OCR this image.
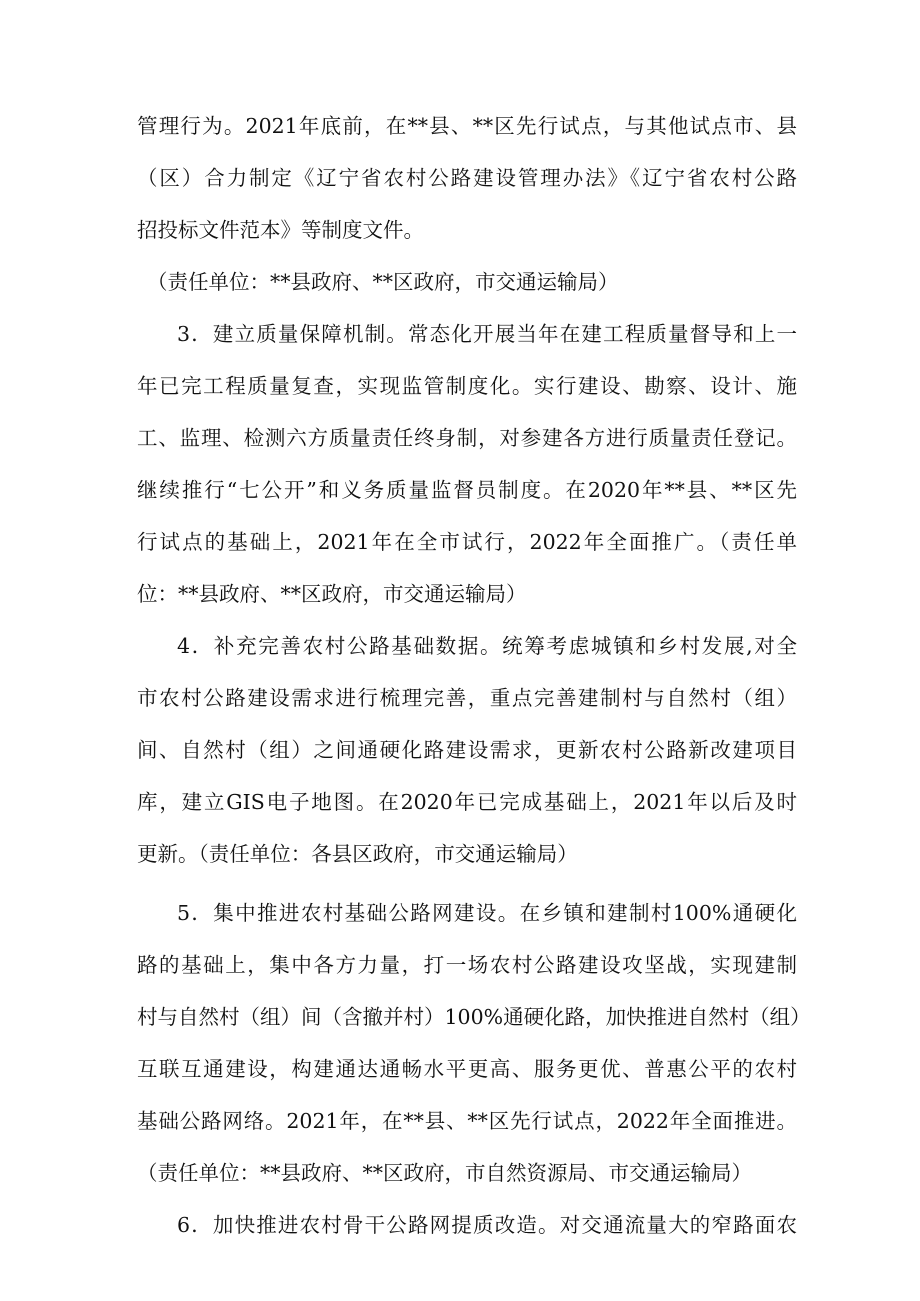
管理行为。2021年底前，在**县、**区先行试点，与其他试点市、县
（区）合力制定《辽宁省农村公路建设管理办法》《辽宁省农村公路
招投标文件范本》等制度文件。
（责任单位：**县政府、**区政府，市交通运输局）
3．建立质量保障机制。常态化开展当年在建工程质量督导和上一
年已完工程质量复查，实现监管制度化。实行建设、勘察、设计、施
工、监理、检测六方质量责任终身制，对参建各方进行质量责任登记。
继续推行“七公开”和义务质量监督员制度。在2020年**县、**区先
行试点的基础上，2021年在全市试行，2022年全面推广。（责任单
位：**县政府、**区政府，市交通运输局）
4．补充完善农村公路基础数据。统筹考虑城镇和乡村发展,对全
市农村公路建设需求进行梳理完善，重点完善建制村与自然村（组）
间、自然村（组）之间通硬化路建设需求，更新农村公路新改建项目
库，建立GIS电子地图。在2020年已完成基础上，2021年以后及时
更新。（责任单位：各县区政府，市交通运输局）
5．集中推进农村基础公路网建设。在乡镇和建制村100%通硬化
路的基础上，集中各方力量，打一场农村公路建设攻坚战，实现建制
村与自然村（组）间（含撤并村）100%通硬化路，加快推进自然村（组）
互联互通建设，构建通达通畅水平更高、服务更优、普惠公平的农村
基础公路网络。2021年，在**县、**区先行试点，2022年全面推进。
（责任单位：**县政府、**区政府，市自然资源局、市交通运输局）
6．加快推进农村骨干公路网提质改造。对交通流量大的窄路面农
